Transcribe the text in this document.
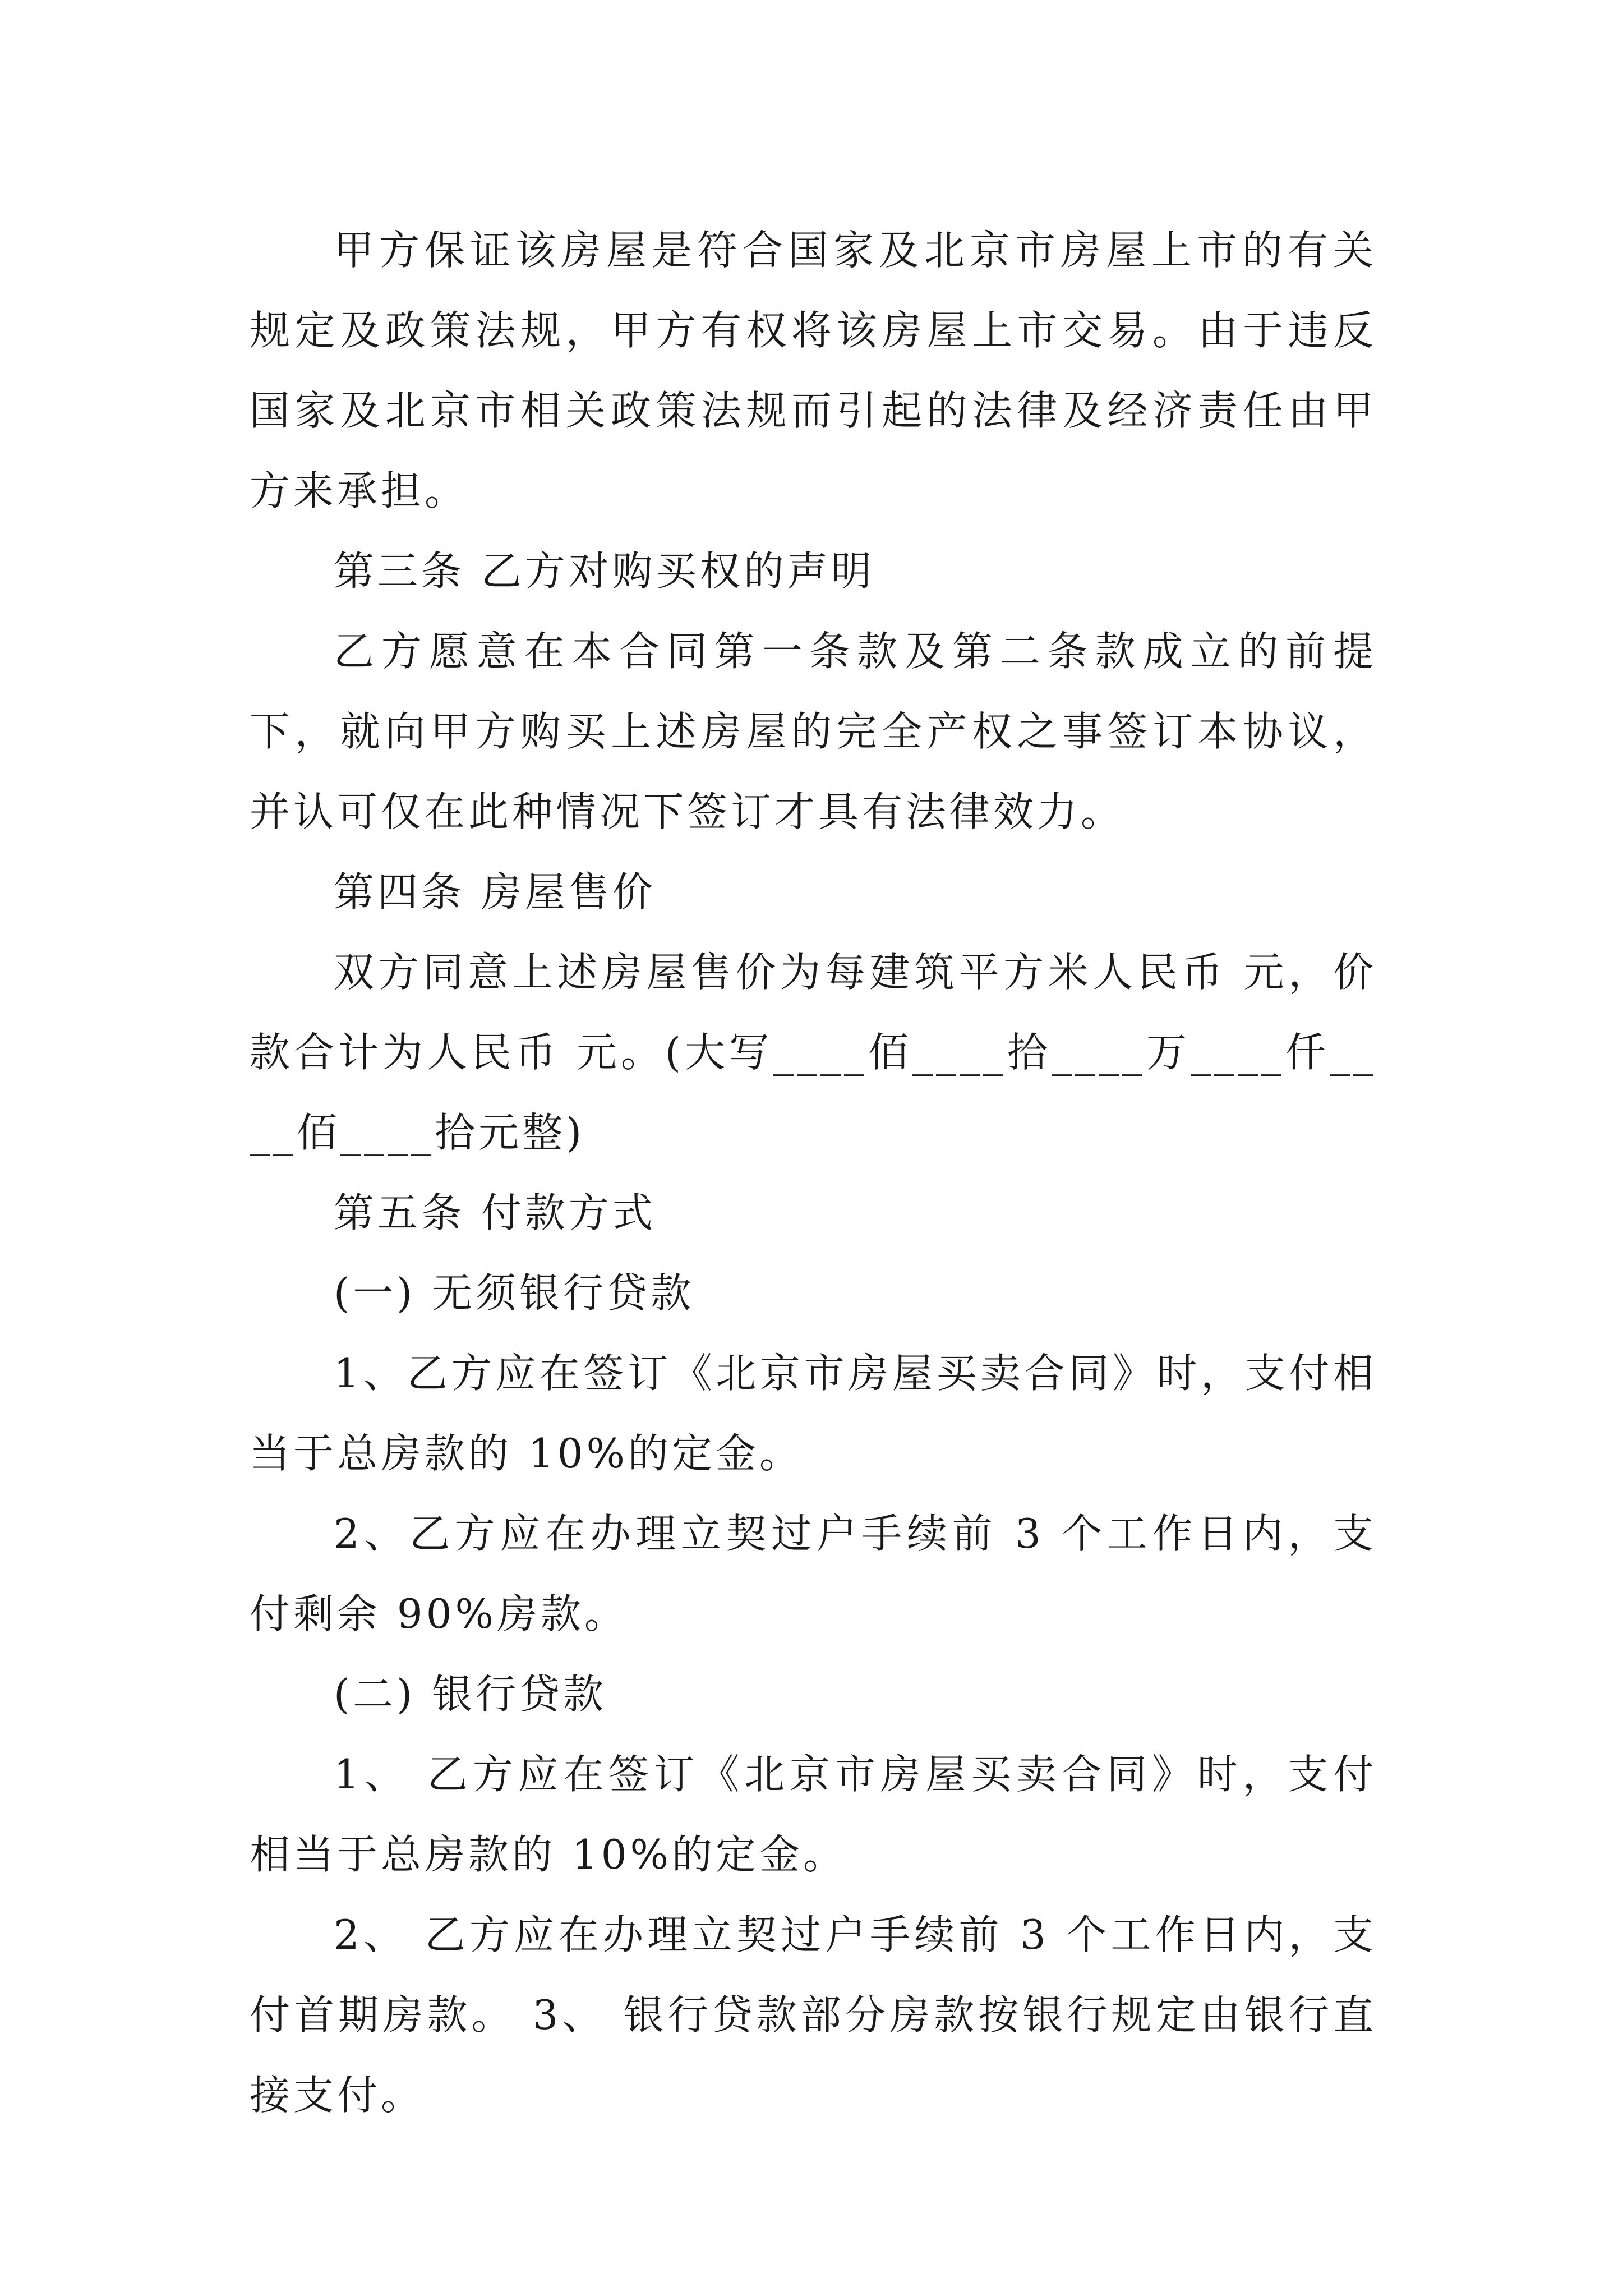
甲方保证该房屋是符合国家及北京市房屋上市的有关规定及政策法规，甲方有权将该房屋上市交易。由于违反国家及北京市相关政策法规而引起的法律及经济责任由甲方来承担。

第三条 乙方对购买权的声明

乙方愿意在本合同第一条款及第二条款成立的前提下，就向甲方购买上述房屋的完全产权之事签订本协议，并认可仅在此种情况下签订才具有法律效力。

第四条 房屋售价

双方同意上述房屋售价为每建筑平方米人民币 元，价款合计为人民币 元。(大写____佰____拾____万____仟____佰____拾元整)

第五条 付款方式

(一) 无须银行贷款

1、乙方应在签订《北京市房屋买卖合同》时，支付相当于总房款的 10%的定金。

2、乙方应在办理立契过户手续前 3 个工作日内，支付剩余 90%房款。

(二) 银行贷款

1、 乙方应在签订《北京市房屋买卖合同》时，支付相当于总房款的 10%的定金。

2、 乙方应在办理立契过户手续前 3 个工作日内，支付首期房款。 3、 银行贷款部分房款按银行规定由银行直接支付。
